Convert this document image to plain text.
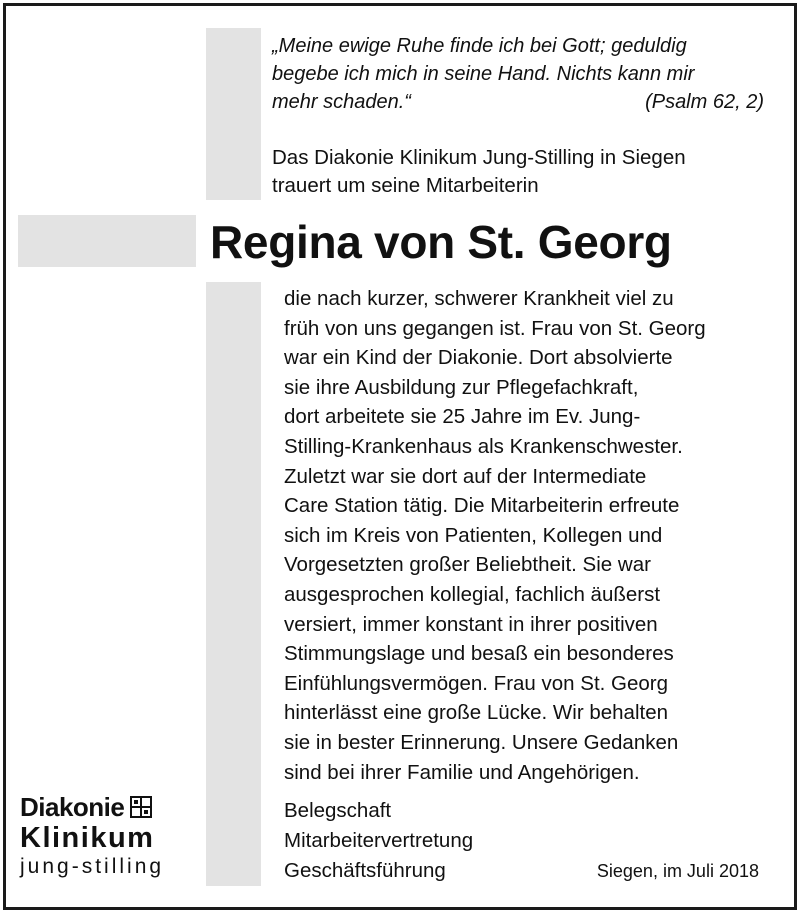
„Meine ewige Ruhe finde ich bei Gott; geduldig
begebe ich mich in seine Hand. Nichts kann mir
mehr schaden.“	(Psalm 62, 2)
Das Diakonie Klinikum Jung-Stilling in Siegen
trauert um seine Mitarbeiterin
Regina von St. Georg
die nach kurzer, schwerer Krankheit viel zu
früh von uns gegangen ist. Frau von St. Georg
war ein Kind der Diakonie. Dort absolvierte
sie ihre Ausbildung zur Pflegefachkraft,
dort arbeitete sie 25 Jahre im Ev. Jung-
Stilling-Krankenhaus als Krankenschwester.
Zuletzt war sie dort auf der Intermediate
Care Station tätig. Die Mitarbeiterin erfreute
sich im Kreis von Patienten, Kollegen und
Vorgesetzten großer Beliebtheit. Sie war
ausgesprochen kollegial, fachlich äußerst
versiert, immer konstant in ihrer positiven
Stimmungslage und besaß ein besonderes
Einfühlungsvermögen. Frau von St. Georg
hinterlässt eine große Lücke. Wir behalten
sie in bester Erinnerung. Unsere Gedanken
sind bei ihrer Familie und Angehörigen.
Diakonie
Klinikum
jung-stilling
Belegschaft
Mitarbeitervertretung
Geschäftsführung	Siegen, im Juli 2018
